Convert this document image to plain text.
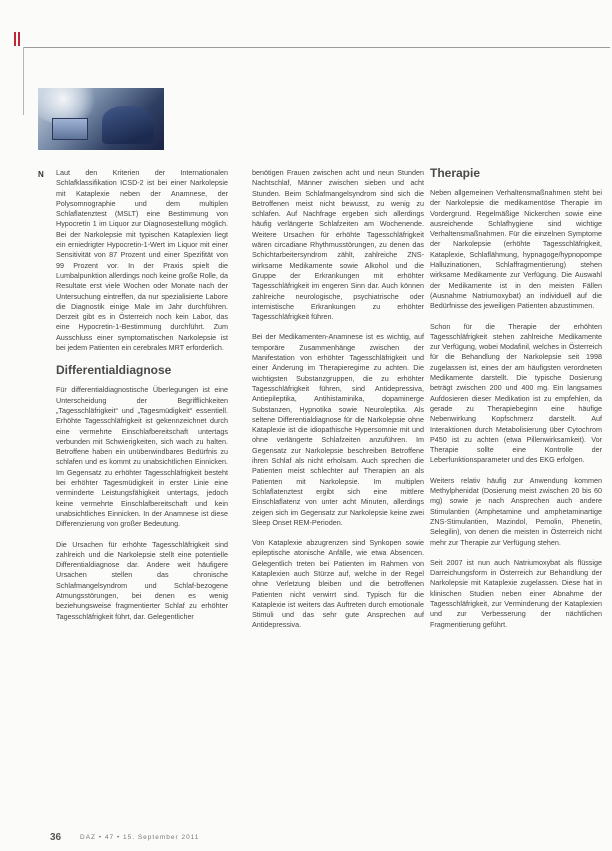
N Laut den Kriterien der Internationalen Schlafklassifikation ICSD-2 ist bei einer Narkolepsie mit Kataplexie neben der Anamnese, der Polysomnographie und dem multiplen Schlaflatenztest (MSLT) eine Bestimmung von Hypocretin 1 im Liquor zur Diagnosestellung möglich. Bei der Narkolepsie mit typischen Kataplexien liegt ein erniedrigter Hypocretin-1-Wert im Liquor mit einer Sensitivität von 87 Prozent und einer Spezifität von 99 Prozent vor. In der Praxis spielt die Lumbalpunktion allerdings noch keine große Rolle, da Resultate erst viele Wochen oder Monate nach der Untersuchung eintreffen, da nur spezialisierte Labore die Diagnostik einige Male im Jahr durchführen. Derzeit gibt es in Österreich noch kein Labor, das eine Hypocretin-1-Bestimmung durchführt. Zum Ausschluss einer symptomatischen Narkolepsie ist bei jedem Patienten ein cerebrales MRT erforderlich.

Differentialdiagnose

Für differentialdiagnostische Überlegungen ist eine Unterscheidung der Begrifflichkeiten „Tagesschläfrigkeit“ und „Tagesmüdigkeit“ essentiell. Erhöhte Tagesschläfrigkeit ist gekennzeichnet durch eine vermehrte Einschlafbereitschaft untertags verbunden mit Schwierigkeiten, sich wach zu halten. Betroffene haben ein unüberwindbares Bedürfnis zu schlafen und es kommt zu unabsichtlichen Einnicken. Im Gegensatz zu erhöhter Tagesschläfrigkeit besteht bei erhöhter Tagesmüdigkeit in erster Linie eine verminderte Leistungsfähigkeit untertags, jedoch keine vermehrte Einschlafbereitschaft und kein unabsichtliches Einnicken. In der Anamnese ist diese Differenzierung von großer Bedeutung.

Die Ursachen für erhöhte Tagesschläfrigkeit sind zahlreich und die Narkolepsie stellt eine potentielle Differentialdiagnose dar. Andere weit häufigere Ursachen stellen das chronische Schlafmangelsyndrom und Schlaf-bezogene Atmungsstörungen, bei denen es wenig beziehungsweise fragmentierter Schlaf zu erhöhter Tagesschläfrigkeit führt, dar. Gelegentlicher

benötigen Frauen zwischen acht und neun Stunden Nachtschlaf, Männer zwischen sieben und acht Stunden. Beim Schlafmangelsyndrom sind sich die Betroffenen meist nicht bewusst, zu wenig zu schlafen. Auf Nachfrage ergeben sich allerdings häufig verlängerte Schlafzeiten am Wochenende. Weitere Ursachen für erhöhte Tagesschläfrigkeit wären circadiane Rhythmusstörungen, zu denen das Schichtarbeitersyndrom zählt, zahlreiche ZNS-wirksame Medikamente sowie Alkohol und die Gruppe der Erkrankungen mit erhöhter Tagesschläfrigkeit im engeren Sinn dar. Auch können zahlreiche neurologische, psychiatrische oder internistische Erkrankungen zu erhöhter Tagesschläfrigkeit führen.

Bei der Medikamenten-Anamnese ist es wichtig, auf temporäre Zusammenhänge zwischen der Manifestation von erhöhter Tagesschläfrigkeit und einer Änderung im Therapieregime zu achten. Die wichtigsten Substanzgruppen, die zu erhöhter Tagesschläfrigkeit führen, sind Antidepressiva, Antiepileptika, Antihistaminika, dopaminerge Substanzen, Hypnotika sowie Neuroleptika. Als seltene Differentialdiagnose für die Narkolepsie ohne Kataplexie ist die idiopathische Hypersomnie mit und ohne verlängerte Schlafzeiten anzuführen. Im Gegensatz zur Narkolepsie beschreiben Betroffene ihren Schlaf als nicht erholsam. Auch sprechen die Patienten meist schlechter auf Therapien an als Patienten mit Narkolepsie. Im multiplen Schlaflatenztest ergibt sich eine mittlere Einschlaflatenz von unter acht Minuten, allerdings zeigen sich im Gegensatz zur Narkolepsie keine zwei Sleep Onset REM-Perioden.

Von Kataplexie abzugrenzen sind Synkopen sowie epileptische atonische Anfälle, wie etwa Absencen. Gelegentlich treten bei Patienten im Rahmen von Kataplexien auch Stürze auf, welche in der Regel ohne Verletzung bleiben und die betroffenen Patienten nicht verwirrt sind. Typisch für die Kataplexie ist weiters das Auftreten durch emotionale Stimuli und das sehr gute Ansprechen auf Antidepressiva.

Therapie

Neben allgemeinen Verhaltensmaßnahmen steht bei der Narkolepsie die medikamentöse Therapie im Vordergrund. Regelmäßige Nickerchen sowie eine ausreichende Schlafhygiene sind wichtige Verhaltensmaßnahmen. Für die einzelnen Symptome der Narkolepsie (erhöhte Tagesschläfrigkeit, Kataplexie, Schlaflähmung, hypnagoge/hypnopompe Halluzinationen, Schlaffragmentierung) stehen wirksame Medikamente zur Verfügung. Die Auswahl der Medikamente ist in den meisten Fällen (Ausnahme Natriumoxybat) an individuell auf die Bedürfnisse des jeweiligen Patienten abzustimmen.

Schon für die Therapie der erhöhten Tagesschläfrigkeit stehen zahlreiche Medikamente zur Verfügung, wobei Modafinil, welches in Österreich für die Behandlung der Narkolepsie seit 1998 zugelassen ist, eines der am häufigsten verordneten Medikamente darstellt. Die typische Dosierung beträgt zwischen 200 und 400 mg. Ein langsames Aufdosieren dieser Medikation ist zu empfehlen, da gerade zu Therapiebeginn eine häufige Nebenwirkung Kopfschmerz darstellt. Auf Interaktionen durch Metabolisierung über Cytochrom P450 ist zu achten (etwa Pillenwirksamkeit). Vor Therapie sollte eine Kontrolle der Leberfunktionsparameter und des EKG erfolgen.

Weiters relativ häufig zur Anwendung kommen Methylphenidat (Dosierung meist zwischen 20 bis 60 mg) sowie je nach Ansprechen auch andere Stimulantien (Amphetamine und amphetaminartige ZNS-Stimulantien, Mazindol, Pemolin, Phenetin, Selegilin), von denen die meisten in Österreich nicht mehr zur Therapie zur Verfügung stehen.

Seit 2007 ist nun auch Natriumoxybat als flüssige Darreichungsform in Österreich zur Behandlung der Narkolepsie mit Kataplexie zugelassen. Diese hat in klinischen Studien neben einer Abnahme der Tagesschläfrigkeit, zur Verminderung der Kataplexien und zur Verbesserung der nächtlichen Fragmentierung geführt.

36	DAZ • 47 • 15. September 2011
